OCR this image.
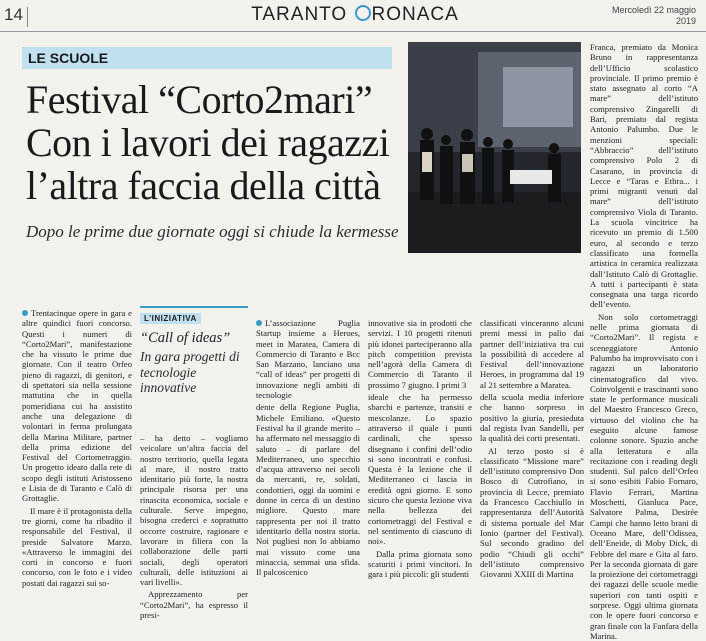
14	TARANTO RONACA	Mercoledì 22 maggio
2019
LE SCUOLE
Festival “Corto2mari”
Con i lavori dei ragazzi
l’altra faccia della città
Dopo le prime due giornate oggi si chiude la kermesse

Franca, premiato da Monica Bruno in rappresentanza dell’Ufficio scolastico provinciale. Il primo premio è stato assegnato al corto “A mare” dell’istituto comprensivo Zingarelli di Bari, premiato dal regista Antonio Palumbo. Due le menzioni speciali: “Abbraccio” dell’istituto comprensivo Polo 2 di Casarano, in provincia di Lecce e “Taras e Ethra... i primi migranti venuti dal mare” dell’istituto comprensivo Viola di Taranto. La scuola vincitrice ha ricevuto un premio di 1.500 euro, al secondo e terzo classificato una formella artistica in ceramica realizzata dall’Istituto Calò di Grottaglie. A tutti i partecipanti è stata consegnata una targa ricordo dell’evento.

Non solo cortometraggi nelle prima giornata di “Corto2Mari”. Il regista e sceneggiatore Antonio Palumbo ha improvvisato con i ragazzi un laboratorio cinematografico dal vivo. Coinvolgenti e trascinanti sono state le performance musicali del Maestro Francesco Greco, virtuoso del violino che ha eseguito alcune famose colonne sonore. Spazio anche alla letteratura e alla recitazione con i reading degli studenti. Sul palco dell’Orfeo si sono esibiti Fabio Fornaro, Flavio Ferrari, Martina Moschetti, Gianluca Pace, Salvatore Palma, Desirée Campi che hanno letto brani di Oceano Mare, dell’Odissea, dell’Eneide, di Moby Dick, di Febbre del mare e Gita al faro. Per la seconda giornata di gare la proiezione dei cortometraggi dei ragazzi delle scuole medie superiori con tanti ospiti e sorprese. Oggi ultima giornata con le opere fuori concorso e gran finale con la Fanfara della Marina.

Trentacinque opere in gara e altre quindici fuori concorso. Questi i numeri di “Corto2Mari”, manifestazione che ha vissuto le prime due giornate. Con il teatro Orfeo pieno di ragazzi, di genitori, e di spettatori sia nella sessione mattutina che in quella pomeridiana cui ha assistito anche una delegazione di volontari in ferma prolungata della Marina Militare, partner della prima edizione del Festival del Cortometraggio. Un progetto ideato dalla rete di scopo degli istituti Aristosseno e Lisia de di Taranto e Calò di Grottaglie.

Il mare è il protagonista della tre giorni, come ha ribadito il responsabile del Festival, il preside Salvatore Marzo. «Attraverso le immagini dei corti in concorso e fuori concorso, con le foto e i video postati dai ragazzi sui so-

L’INIZIATIVA
“Call of ideas”
In gara progetti di tecnologie innovative

– ha detto – vogliamo veicolare un’altra faccia del nostro territorio, quella legata al mare, il nostro tratto identitario più forte, la nostra principale risorsa per una rinascita economica, sociale e culturale. Serve impegno, bisogna crederci e soprattutto occorre costruire, ragionare e lavorare in filiera con la collaborazione delle parti sociali, degli operatori culturali, delle istituzioni ai vari livelli».

Apprezzamento per “Corto2Mari”, ha espresso il presi-

L’associazione Puglia Startup insieme a Heroes, meet in Maratea, Camera di Commercio di Taranto e Bcc San Marzano, lanciano una “call of ideas” per progetti di innovazione negli ambiti di tecnologie

dente della Regione Puglia, Michele Emiliano. «Questo Festival ha il grande merito – ha affermato nel messaggio di saluto – di parlare del Mediterraneo, uno specchio d’acqua attraverso nei secoli da mercanti, re, soldati, condottieri, oggi da uomini e donne in cerca di un destino migliore. Questo mare rappresenta per noi il tratto identitario della nostra storia. Noi pugliesi non lo abbiamo mai vissuto come una minaccia, semmai una sfida. Il palcoscenico

innovative sia in prodotti che servizi. I 10 progetti ritenuti più idonei parteciperanno alla pitch competition prevista nell’agorà della Camera di Commercio di Taranto il prossimo 7 giugno. I primi 3

ideale che ha permesso sbarchi e partenze, transiti e mescolanze. Lo spazio attraverso il quale i punti cardinali, che spesso disegnano i confini dell’odio si sono incontrati e confusi. Questa è la lezione che il Mediterraneo ci lascia in eredità ogni giorno. E sono sicuro che questa lezione viva nella bellezza dei cortometraggi del Festival e nel sentimento di ciascuno di noi».

Dalla prima giornata sono scaturiti i primi vincitori. In gara i più piccoli: gli studenti

classificati vinceranno alcuni premi messi in palio dai partner dell’iniziativa tra cui la possibilità di accedere al Festival dell’innovazione Heroes, in programma dal 19 al 21 settembre a Maratea.

della scuola media inferiore che hanno sorpreso in positivo la giuria, presieduta dal regista Ivan Sandelli, per la qualità dei corti presentati.

Al terzo posto si è classificato “Missione mare” dell’istituto comprensivo Don Bosco di Cutrofiano, in provincia di Lecce, premiato da Francesco Cacchiullo in rappresentanza dell’Autorità di sistema portuale del Mar Ionio (partner del Festival). Sul secondo gradino del podio “Chiudi gli occhi” dell’istituto comprensivo Giovanni XXIII di Martina
